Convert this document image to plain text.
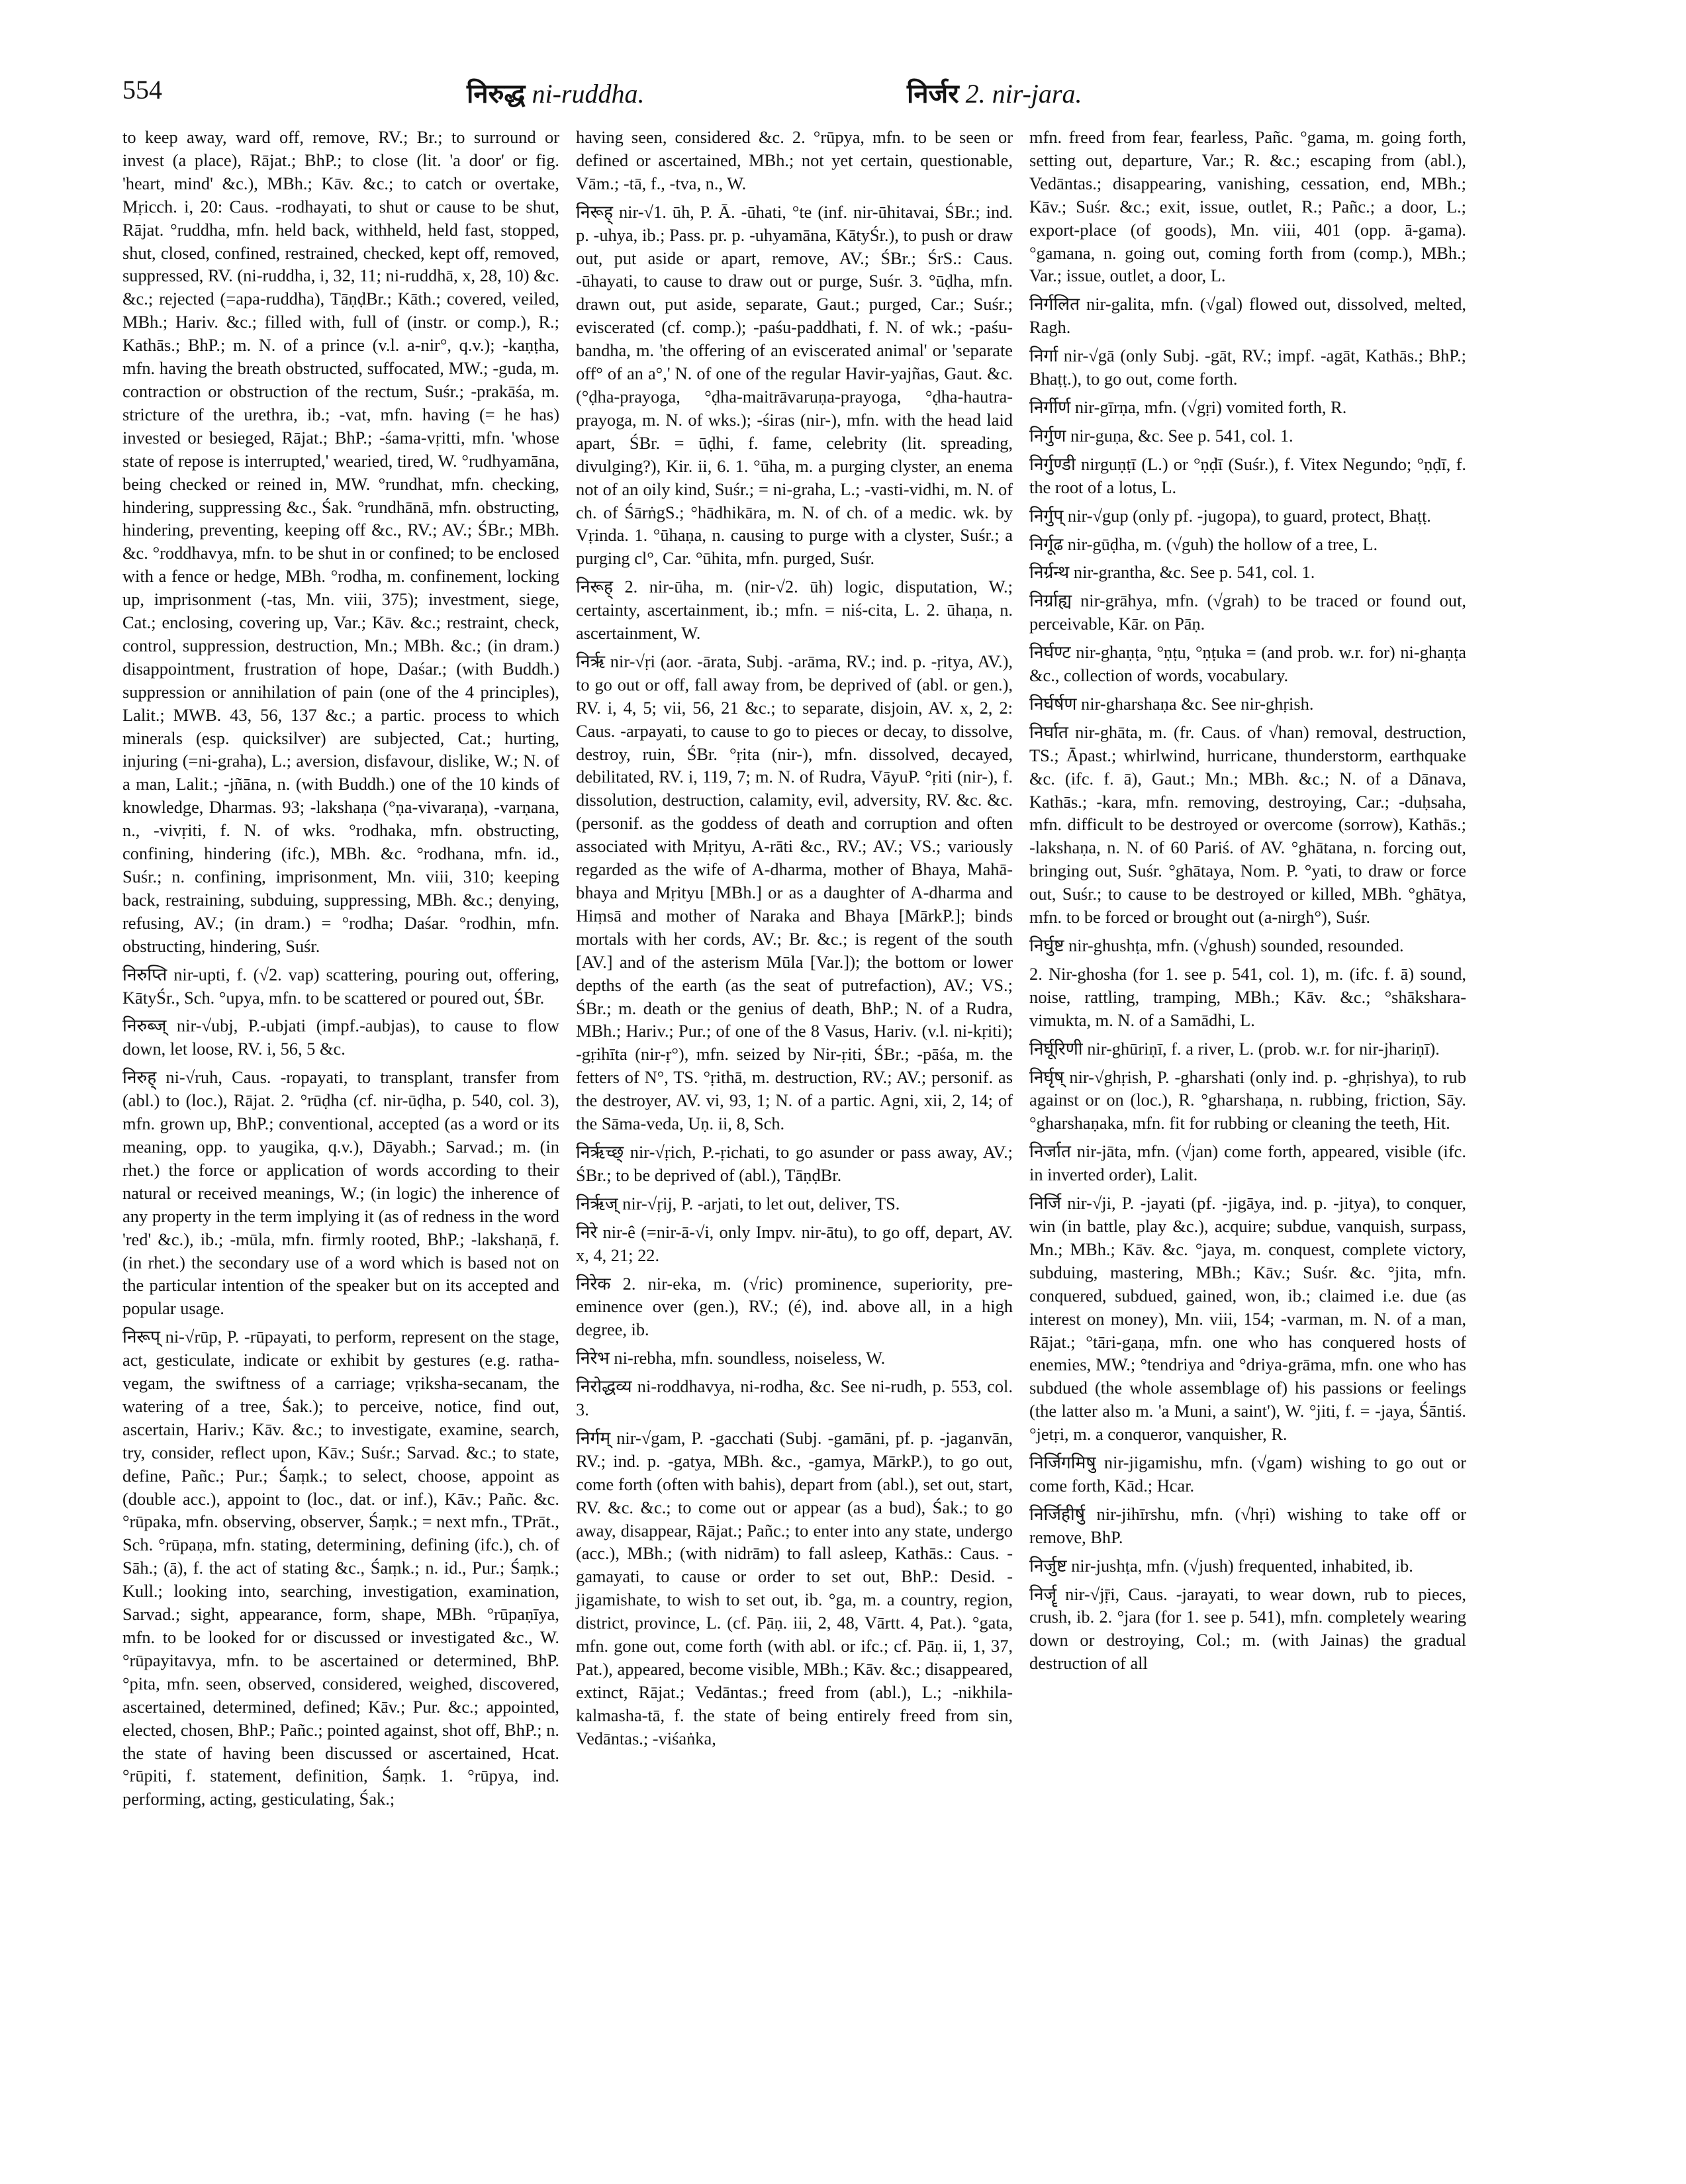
554	निरुद्ध ni-ruddha.	निर्जर 2. nir-jara.

to keep away, ward off, remove, RV.; Br.; to surround or invest (a place), Rājat.; BhP.; to close (lit. 'a door' or fig. 'heart, mind' &c.), MBh.; Kāv. &c.; to catch or overtake, Mṛicch. i, 20: Caus. -rodhayati, to shut or cause to be shut, Rājat. °ruddha, mfn. held back, withheld, held fast, stopped, shut, closed, confined, restrained, checked, kept off, removed, suppressed, RV. (ni-ruddha, i, 32, 11; ni-ruddhā, x, 28, 10) &c. &c.; rejected (=apa-ruddha), TāṇḍBr.; Kāth.; covered, veiled, MBh.; Hariv. &c.; filled with, full of (instr. or comp.), R.; Kathās.; BhP.; m. N. of a prince (v.l. a-nir°, q.v.); -kaṇṭha, mfn. having the breath obstructed, suffocated, MW.; -guda, m. contraction or obstruction of the rectum, Suśr.; -prakāśa, m. stricture of the urethra, ib.; -vat, mfn. having (= he has) invested or besieged, Rājat.; BhP.; -śama-vṛitti, mfn. 'whose state of repose is interrupted,' wearied, tired, W. °rudhyamāna, being checked or reined in, MW. °rundhat, mfn. checking, hindering, suppressing &c., Śak. °rundhānā, mfn. obstructing, hindering, preventing, keeping off &c., RV.; AV.; ŚBr.; MBh. &c. °roddhavya, mfn. to be shut in or confined; to be enclosed with a fence or hedge, MBh. °rodha, m. confinement, locking up, imprisonment (-tas, Mn. viii, 375); investment, siege, Cat.; enclosing, covering up, Var.; Kāv. &c.; restraint, check, control, suppression, destruction, Mn.; MBh. &c.; (in dram.) disappointment, frustration of hope, Daśar.; (with Buddh.) suppression or annihilation of pain (one of the 4 principles), Lalit.; MWB. 43, 56, 137 &c.; a partic. process to which minerals (esp. quicksilver) are subjected, Cat.; hurting, injuring (=ni-graha), L.; aversion, disfavour, dislike, W.; N. of a man, Lalit.; -jñāna, n. (with Buddh.) one of the 10 kinds of knowledge, Dharmas. 93; -lakshaṇa (°ṇa-vivaraṇa), -varṇana, n., -vivṛiti, f. N. of wks. °rodhaka, mfn. obstructing, confining, hindering (ifc.), MBh. &c. °rodhana, mfn. id., Suśr.; n. confining, imprisonment, Mn. viii, 310; keeping back, restraining, subduing, suppressing, MBh. &c.; denying, refusing, AV.; (in dram.) = °rodha; Daśar. °rodhin, mfn. obstructing, hindering, Suśr.

निरुप्ति nir-upti, f. (√2. vap) scattering, pouring out, offering, KātyŚr., Sch. °upya, mfn. to be scattered or poured out, ŚBr.

निरुब्ज् nir-√ubj, P.-ubjati (impf.-aubjas), to cause to flow down, let loose, RV. i, 56, 5 &c.

निरुह् ni-√ruh, Caus. -ropayati, to transplant, transfer from (abl.) to (loc.), Rājat. 2. °rūḍha (cf. nir-ūḍha, p. 540, col. 3), mfn. grown up, BhP.; conventional, accepted (as a word or its meaning, opp. to yaugika, q.v.), Dāyabh.; Sarvad.; m. (in rhet.) the force or application of words according to their natural or received meanings, W.; (in logic) the inherence of any property in the term implying it (as of redness in the word 'red' &c.), ib.; -mūla, mfn. firmly rooted, BhP.; -lakshaṇā, f. (in rhet.) the secondary use of a word which is based not on the particular intention of the speaker but on its accepted and popular usage.

निरूप् ni-√rūp, P. -rūpayati, to perform, represent on the stage, act, gesticulate, indicate or exhibit by gestures (e.g. ratha-vegam, the swiftness of a carriage; vṛiksha-secanam, the watering of a tree, Śak.); to perceive, notice, find out, ascertain, Hariv.; Kāv. &c.; to investigate, examine, search, try, consider, reflect upon, Kāv.; Suśr.; Sarvad. &c.; to state, define, Pañc.; Pur.; Śaṃk.; to select, choose, appoint as (double acc.), appoint to (loc., dat. or inf.), Kāv.; Pañc. &c. °rūpaka, mfn. observing, observer, Śaṃk.; = next mfn., TPrāt., Sch. °rūpaṇa, mfn. stating, determining, defining (ifc.), ch. of Sāh.; (ā), f. the act of stating &c., Śaṃk.; n. id., Pur.; Śaṃk.; Kull.; looking into, searching, investigation, examination, Sarvad.; sight, appearance, form, shape, MBh. °rūpaṇīya, mfn. to be looked for or discussed or investigated &c., W. °rūpayitavya, mfn. to be ascertained or determined, BhP. °pita, mfn. seen, observed, considered, weighed, discovered, ascertained, determined, defined; Kāv.; Pur. &c.; appointed, elected, chosen, BhP.; Pañc.; pointed against, shot off, BhP.; n. the state of having been discussed or ascertained, Hcat. °rūpiti, f. statement, definition, Śaṃk. 1. °rūpya, ind. performing, acting, gesticulating, Śak.;

having seen, considered &c. 2. °rūpya, mfn. to be seen or defined or ascertained, MBh.; not yet certain, questionable, Vām.; -tā, f., -tva, n., W.

निरूह् nir-√1. ūh, P. Ā. -ūhati, °te (inf. nir-ūhitavai, ŚBr.; ind. p. -uhya, ib.; Pass. pr. p. -uhyamāna, KātyŚr.), to push or draw out, put aside or apart, remove, AV.; ŚBr.; ŚrS.: Caus. -ūhayati, to cause to draw out or purge, Suśr. 3. °ūḍha, mfn. drawn out, put aside, separate, Gaut.; purged, Car.; Suśr.; eviscerated (cf. comp.); -paśu-paddhati, f. N. of wk.; -paśu-bandha, m. 'the offering of an eviscerated animal' or 'separate off° of an a°,' N. of one of the regular Havir-yajñas, Gaut. &c. (°ḍha-prayoga, °ḍha-maitrāvaruṇa-prayoga, °ḍha-hautra-prayoga, m. N. of wks.); -śiras (nir-), mfn. with the head laid apart, ŚBr. = ūḍhi, f. fame, celebrity (lit. spreading, divulging?), Kir. ii, 6. 1. °ūha, m. a purging clyster, an enema not of an oily kind, Suśr.; = ni-graha, L.; -vasti-vidhi, m. N. of ch. of ŚārṅgS.; °hādhikāra, m. N. of ch. of a medic. wk. by Vṛinda. 1. °ūhaṇa, n. causing to purge with a clyster, Suśr.; a purging cl°, Car. °ūhita, mfn. purged, Suśr.

निरूह् 2. nir-ūha, m. (nir-√2. ūh) logic, disputation, W.; certainty, ascertainment, ib.; mfn. = niś-cita, L. 2. ūhaṇa, n. ascertainment, W.

निर्ऋ nir-√ṛi (aor. -ārata, Subj. -arāma, RV.; ind. p. -ṛitya, AV.), to go out or off, fall away from, be deprived of (abl. or gen.), RV. i, 4, 5; vii, 56, 21 &c.; to separate, disjoin, AV. x, 2, 2: Caus. -arpayati, to cause to go to pieces or decay, to dissolve, destroy, ruin, ŚBr. °ṛita (nir-), mfn. dissolved, decayed, debilitated, RV. i, 119, 7; m. N. of Rudra, VāyuP. °ṛiti (nir-), f. dissolution, destruction, calamity, evil, adversity, RV. &c. &c. (personif. as the goddess of death and corruption and often associated with Mṛityu, A-rāti &c., RV.; AV.; VS.; variously regarded as the wife of A-dharma, mother of Bhaya, Mahā-bhaya and Mṛityu [MBh.] or as a daughter of A-dharma and Hiṃsā and mother of Naraka and Bhaya [MārkP.]; binds mortals with her cords, AV.; Br. &c.; is regent of the south [AV.] and of the asterism Mūla [Var.]); the bottom or lower depths of the earth (as the seat of putrefaction), AV.; VS.; ŚBr.; m. death or the genius of death, BhP.; N. of a Rudra, MBh.; Hariv.; Pur.; of one of the 8 Vasus, Hariv. (v.l. ni-kṛiti); -gṛihīta (nir-ṛ°), mfn. seized by Nir-ṛiti, ŚBr.; -pāśa, m. the fetters of N°, TS. °ṛithā, m. destruction, RV.; AV.; personif. as the destroyer, AV. vi, 93, 1; N. of a partic. Agni, xii, 2, 14; of the Sāma-veda, Uṇ. ii, 8, Sch.

निर्ऋच्छ् nir-√ṛich, P.-ṛichati, to go asunder or pass away, AV.; ŚBr.; to be deprived of (abl.), TāṇḍBr.

निर्ऋज् nir-√ṛij, P. -arjati, to let out, deliver, TS.

निरे nir-ê (=nir-ā-√i, only Impv. nir-ātu), to go off, depart, AV. x, 4, 21; 22.

निरेक 2. nir-eka, m. (√ric) prominence, superiority, pre-eminence over (gen.), RV.; (é), ind. above all, in a high degree, ib.

निरेभ ni-rebha, mfn. soundless, noiseless, W.

निरोद्धव्य ni-roddhavya, ni-rodha, &c. See ni-rudh, p. 553, col. 3.

निर्गम् nir-√gam, P. -gacchati (Subj. -gamāni, pf. p. -jaganvān, RV.; ind. p. -gatya, MBh. &c., -gamya, MārkP.), to go out, come forth (often with bahis), depart from (abl.), set out, start, RV. &c. &c.; to come out or appear (as a bud), Śak.; to go away, disappear, Rājat.; Pañc.; to enter into any state, undergo (acc.), MBh.; (with nidrām) to fall asleep, Kathās.: Caus. -gamayati, to cause or order to set out, BhP.: Desid. -jigamishate, to wish to set out, ib. °ga, m. a country, region, district, province, L. (cf. Pāṇ. iii, 2, 48, Vārtt. 4, Pat.). °gata, mfn. gone out, come forth (with abl. or ifc.; cf. Pāṇ. ii, 1, 37, Pat.), appeared, become visible, MBh.; Kāv. &c.; disappeared, extinct, Rājat.; Vedāntas.; freed from (abl.), L.; -nikhila-kalmasha-tā, f. the state of being entirely freed from sin, Vedāntas.; -viśaṅka,

mfn. freed from fear, fearless, Pañc. °gama, m. going forth, setting out, departure, Var.; R. &c.; escaping from (abl.), Vedāntas.; disappearing, vanishing, cessation, end, MBh.; Kāv.; Suśr. &c.; exit, issue, outlet, R.; Pañc.; a door, L.; export-place (of goods), Mn. viii, 401 (opp. ā-gama). °gamana, n. going out, coming forth from (comp.), MBh.; Var.; issue, outlet, a door, L.

निर्गलित nir-galita, mfn. (√gal) flowed out, dissolved, melted, Ragh.

निर्गा nir-√gā (only Subj. -gāt, RV.; impf. -agāt, Kathās.; BhP.; Bhaṭṭ.), to go out, come forth.

निर्गीर्ण nir-gīrṇa, mfn. (√gṛi) vomited forth, R.

निर्गुण nir-guṇa, &c. See p. 541, col. 1.

निर्गुण्डी nirguṇṭī (L.) or °ṇḍī (Suśr.), f. Vitex Negundo; °ṇḍī, f. the root of a lotus, L.

निर्गुप् nir-√gup (only pf. -jugopa), to guard, protect, Bhaṭṭ.

निर्गूढ nir-gūḍha, m. (√guh) the hollow of a tree, L.

निर्ग्रन्थ nir-grantha, &c. See p. 541, col. 1.

निर्ग्राह्य nir-grāhya, mfn. (√grah) to be traced or found out, perceivable, Kār. on Pāṇ.

निर्घण्ट nir-ghaṇṭa, °ṇṭu, °ṇṭuka = (and prob. w.r. for) ni-ghaṇṭa &c., collection of words, vocabulary.

निर्घर्षण nir-gharshaṇa &c. See nir-ghṛish.

निर्घात nir-ghāta, m. (fr. Caus. of √han) removal, destruction, TS.; Āpast.; whirlwind, hurricane, thunderstorm, earthquake &c. (ifc. f. ā), Gaut.; Mn.; MBh. &c.; N. of a Dānava, Kathās.; -kara, mfn. removing, destroying, Car.; -duḥsaha, mfn. difficult to be destroyed or overcome (sorrow), Kathās.; -lakshaṇa, n. N. of 60 Pariś. of AV. °ghātana, n. forcing out, bringing out, Suśr. °ghātaya, Nom. P. °yati, to draw or force out, Suśr.; to cause to be destroyed or killed, MBh. °ghātya, mfn. to be forced or brought out (a-nirgh°), Suśr.

निर्घुष्ट nir-ghushṭa, mfn. (√ghush) sounded, resounded.

2. Nir-ghosha (for 1. see p. 541, col. 1), m. (ifc. f. ā) sound, noise, rattling, tramping, MBh.; Kāv. &c.; °shākshara-vimukta, m. N. of a Samādhi, L.

निर्घूरिणी nir-ghūriṇī, f. a river, L. (prob. w.r. for nir-jhariṇī).

निर्घृष् nir-√ghṛish, P. -gharshati (only ind. p. -ghṛishya), to rub against or on (loc.), R. °gharshaṇa, n. rubbing, friction, Sāy. °gharshaṇaka, mfn. fit for rubbing or cleaning the teeth, Hit.

निर्जात nir-jāta, mfn. (√jan) come forth, appeared, visible (ifc. in inverted order), Lalit.

निर्जि nir-√ji, P. -jayati (pf. -jigāya, ind. p. -jitya), to conquer, win (in battle, play &c.), acquire; subdue, vanquish, surpass, Mn.; MBh.; Kāv. &c. °jaya, m. conquest, complete victory, subduing, mastering, MBh.; Kāv.; Suśr. &c. °jita, mfn. conquered, subdued, gained, won, ib.; claimed i.e. due (as interest on money), Mn. viii, 154; -varman, m. N. of a man, Rājat.; °tāri-gaṇa, mfn. one who has conquered hosts of enemies, MW.; °tendriya and °driya-grāma, mfn. one who has subdued (the whole assemblage of) his passions or feelings (the latter also m. 'a Muni, a saint'), W. °jiti, f. = -jaya, Śāntiś. °jetṛi, m. a conqueror, vanquisher, R.

निर्जिगमिषु nir-jigamishu, mfn. (√gam) wishing to go out or come forth, Kād.; Hcar.

निर्जिहीर्षु nir-jihīrshu, mfn. (√hṛi) wishing to take off or remove, BhP.

निर्जुष्ट nir-jushṭa, mfn. (√jush) frequented, inhabited, ib.

निर्जॄ nir-√jṝi, Caus. -jarayati, to wear down, rub to pieces, crush, ib. 2. °jara (for 1. see p. 541), mfn. completely wearing down or destroying, Col.; m. (with Jainas) the gradual destruction of all
